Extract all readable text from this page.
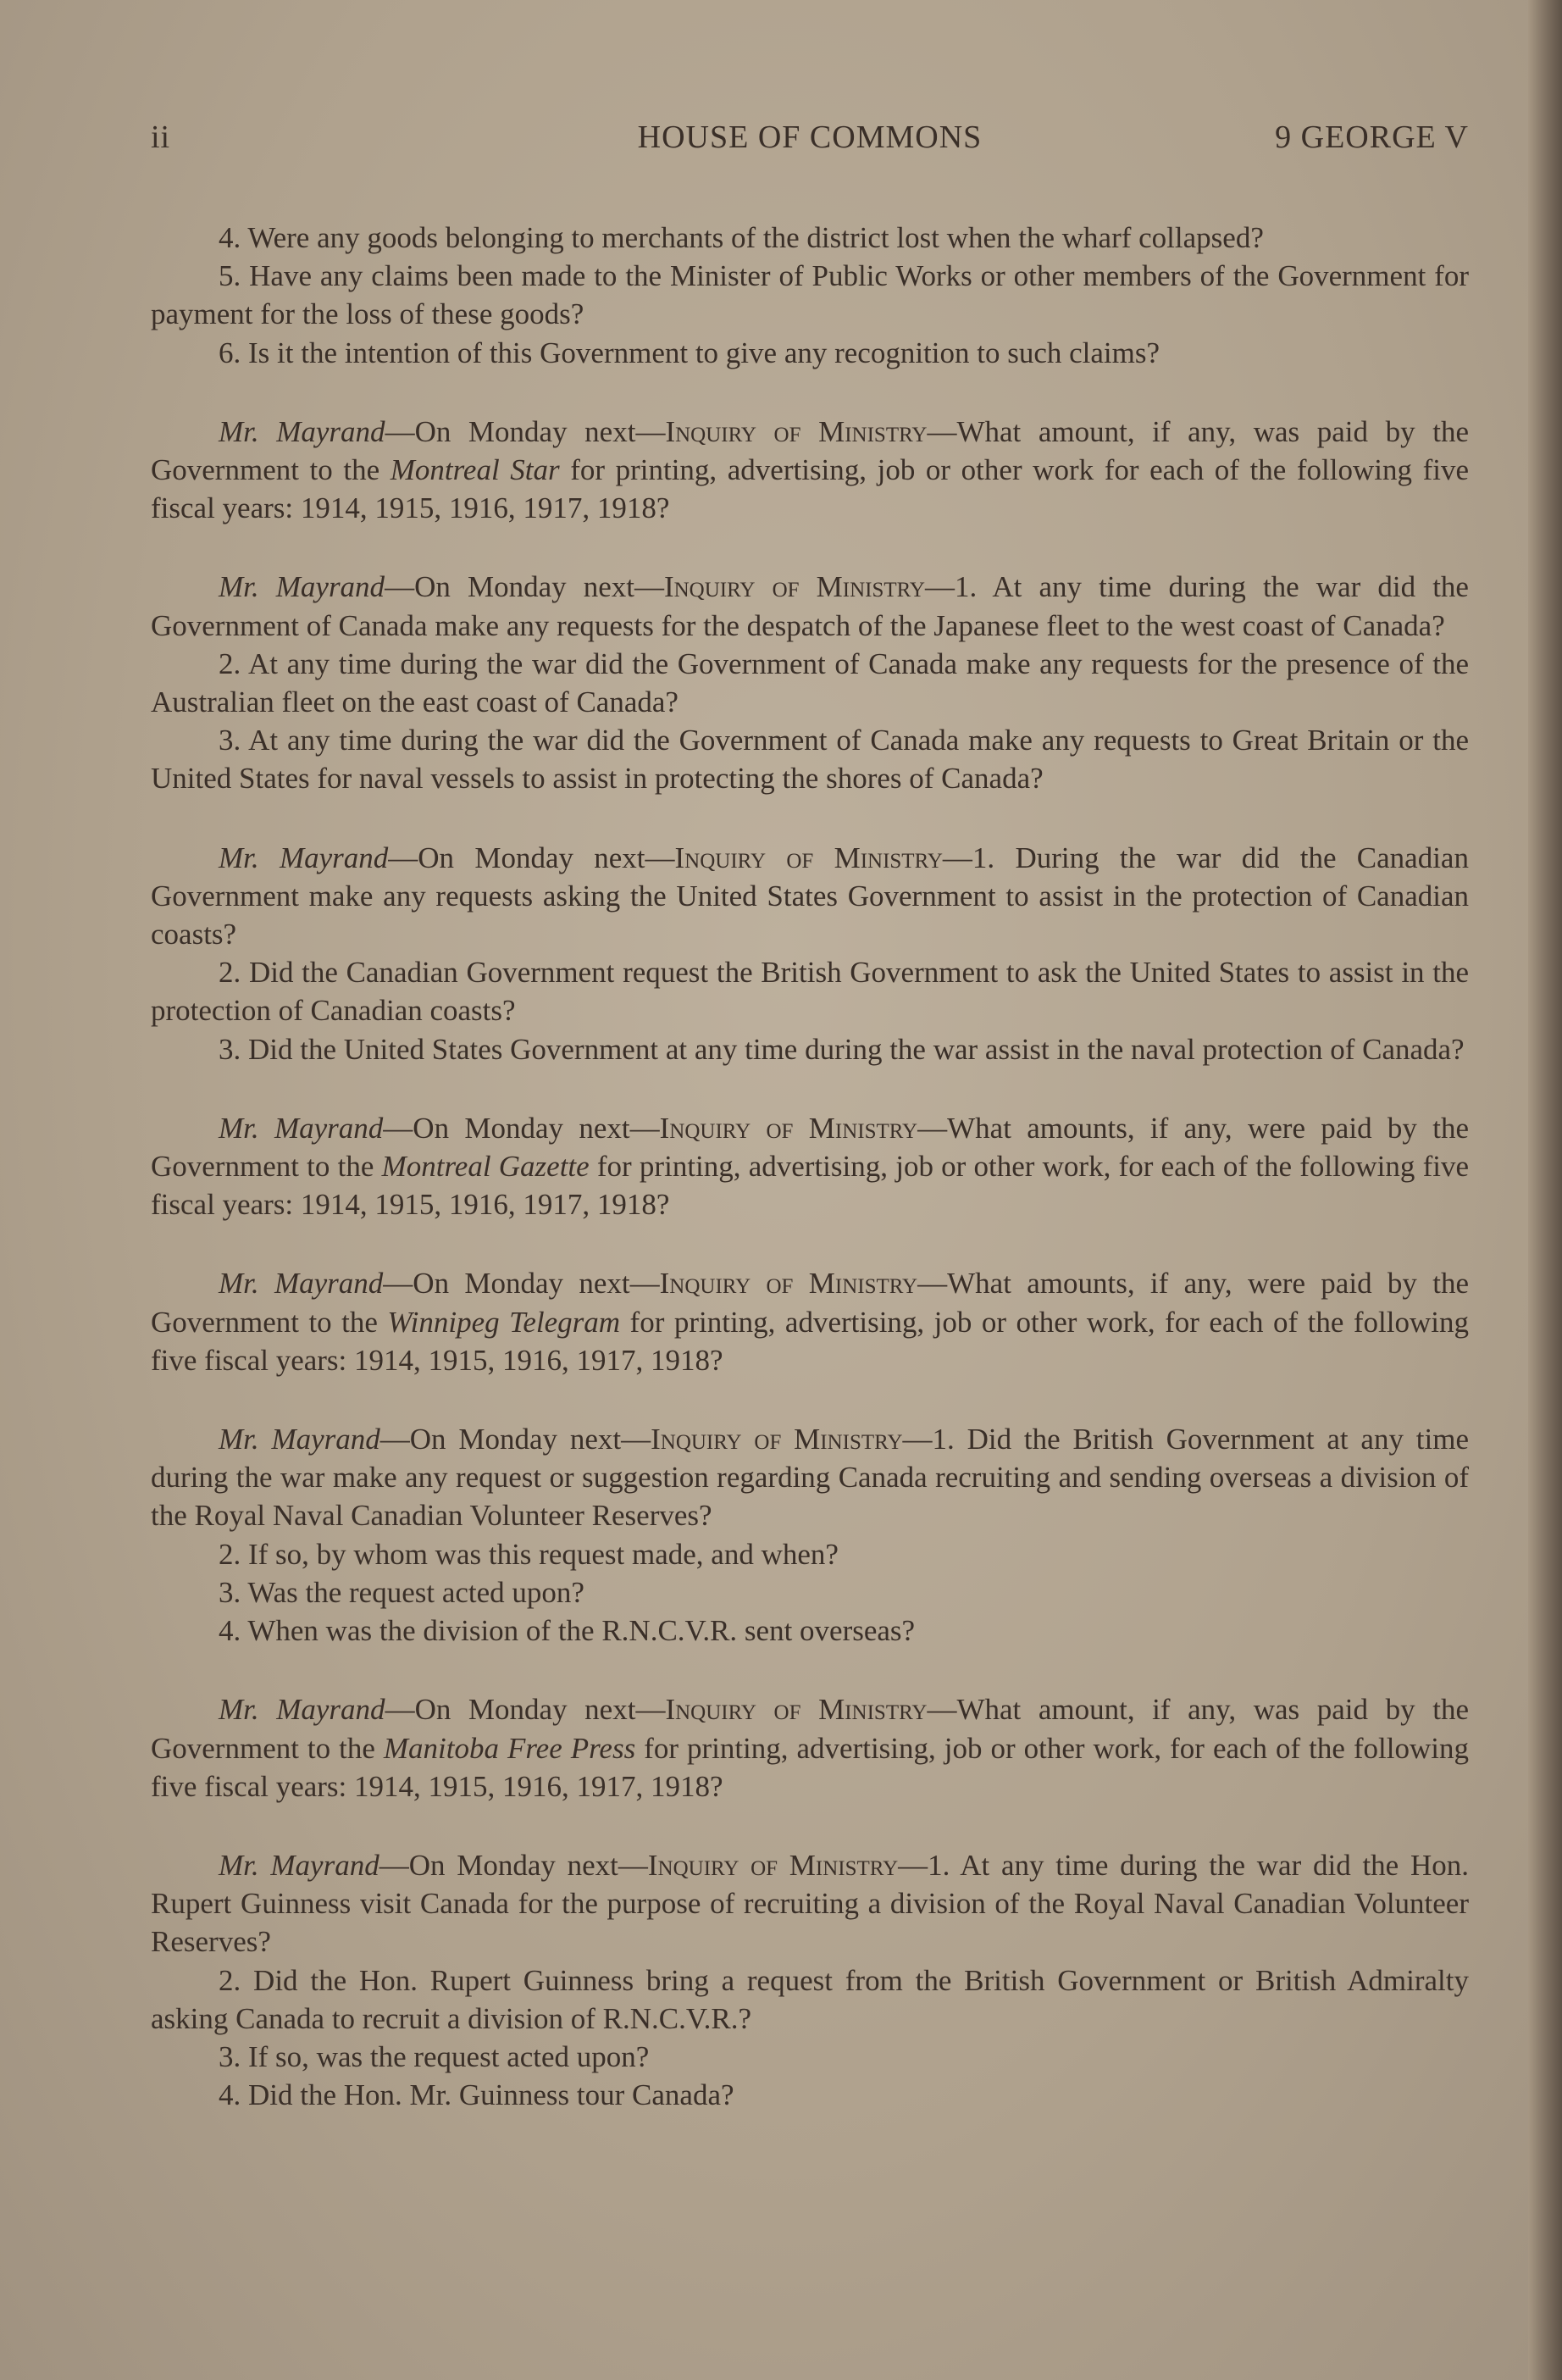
ii	HOUSE OF COMMONS	9 GEORGE V

4. Were any goods belonging to merchants of the district lost when the wharf collapsed?

5. Have any claims been made to the Minister of Public Works or other members of the Government for payment for the loss of these goods?

6. Is it the intention of this Government to give any recognition to such claims?

Mr. Mayrand—On Monday next—Inquiry of Ministry—What amount, if any, was paid by the Government to the Montreal Star for printing, advertising, job or other work for each of the following five fiscal years: 1914, 1915, 1916, 1917, 1918?

Mr. Mayrand—On Monday next—Inquiry of Ministry—1. At any time during the war did the Government of Canada make any requests for the despatch of the Japanese fleet to the west coast of Canada?

2. At any time during the war did the Government of Canada make any requests for the presence of the Australian fleet on the east coast of Canada?

3. At any time during the war did the Government of Canada make any requests to Great Britain or the United States for naval vessels to assist in protecting the shores of Canada?

Mr. Mayrand—On Monday next—Inquiry of Ministry—1. During the war did the Canadian Government make any requests asking the United States Government to assist in the protection of Canadian coasts?

2. Did the Canadian Government request the British Government to ask the United States to assist in the protection of Canadian coasts?

3. Did the United States Government at any time during the war assist in the naval protection of Canada?

Mr. Mayrand—On Monday next—Inquiry of Ministry—What amounts, if any, were paid by the Government to the Montreal Gazette for printing, advertising, job or other work, for each of the following five fiscal years: 1914, 1915, 1916, 1917, 1918?

Mr. Mayrand—On Monday next—Inquiry of Ministry—What amounts, if any, were paid by the Government to the Winnipeg Telegram for printing, advertising, job or other work, for each of the following five fiscal years: 1914, 1915, 1916, 1917, 1918?

Mr. Mayrand—On Monday next—Inquiry of Ministry—1. Did the British Government at any time during the war make any request or suggestion regarding Canada recruiting and sending overseas a division of the Royal Naval Canadian Volunteer Reserves?

2. If so, by whom was this request made, and when?

3. Was the request acted upon?

4. When was the division of the R.N.C.V.R. sent overseas?

Mr. Mayrand—On Monday next—Inquiry of Ministry—What amount, if any, was paid by the Government to the Manitoba Free Press for printing, advertising, job or other work, for each of the following five fiscal years: 1914, 1915, 1916, 1917, 1918?

Mr. Mayrand—On Monday next—Inquiry of Ministry—1. At any time during the war did the Hon. Rupert Guinness visit Canada for the purpose of recruiting a division of the Royal Naval Canadian Volunteer Reserves?

2. Did the Hon. Rupert Guinness bring a request from the British Government or British Admiralty asking Canada to recruit a division of R.N.C.V.R.?

3. If so, was the request acted upon?

4. Did the Hon. Mr. Guinness tour Canada?
